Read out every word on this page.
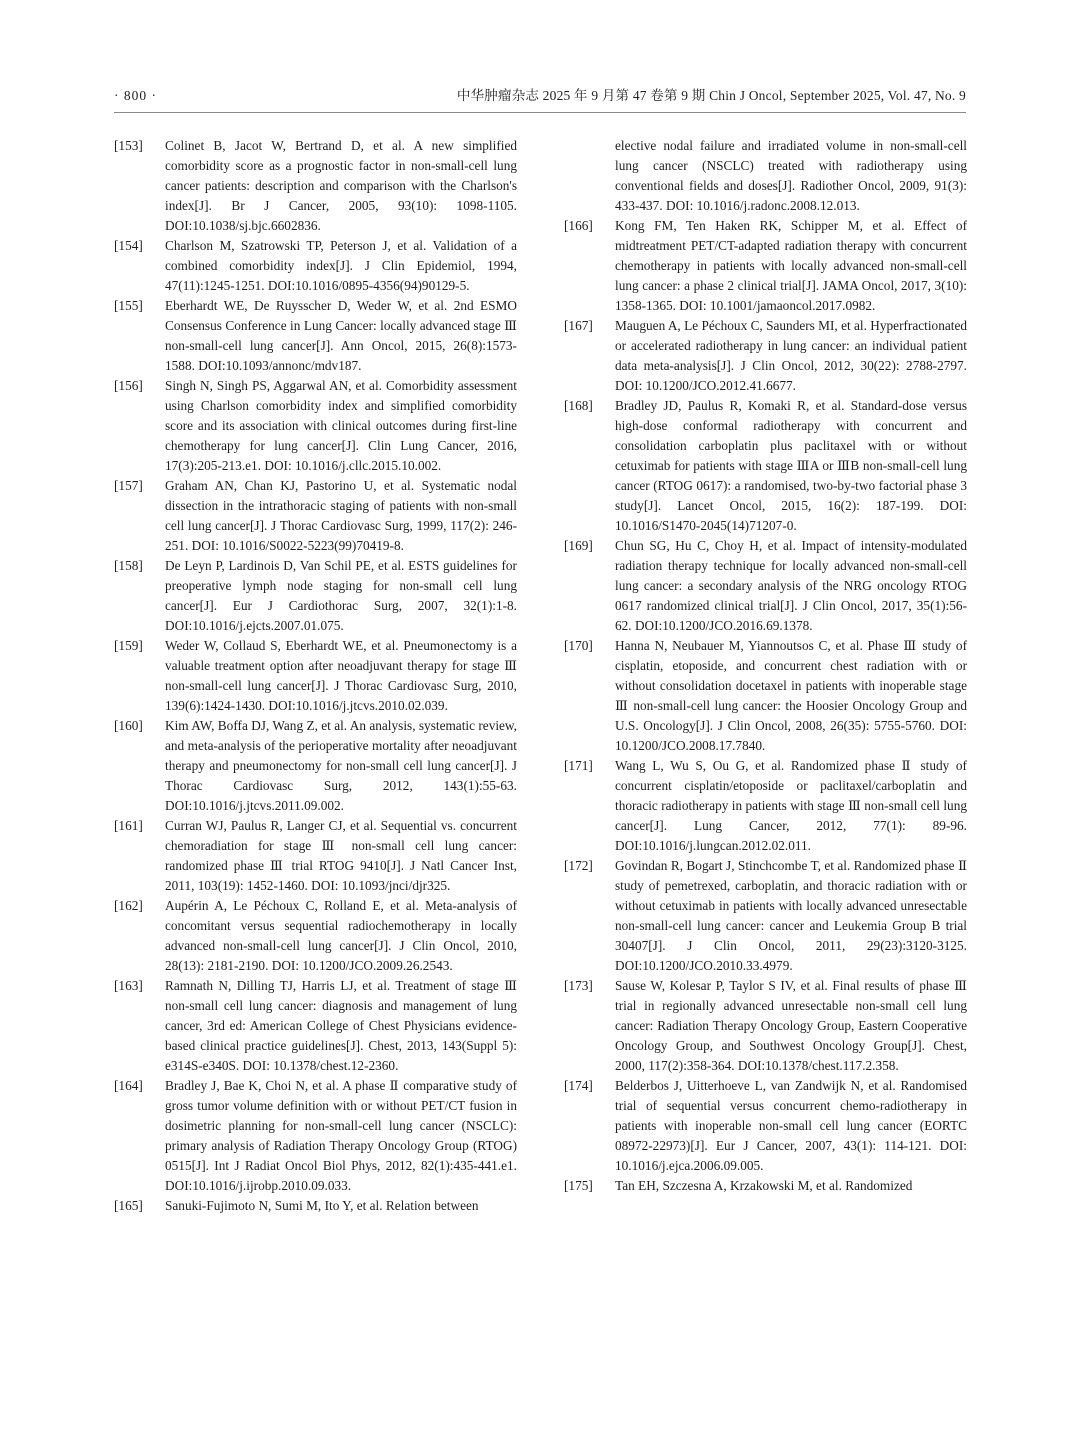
· 800 ·	中华肿瘤杂志 2025 年 9 月第 47 卷第 9 期 Chin J Oncol, September 2025, Vol. 47, No. 9
[153]	Colinet B, Jacot W, Bertrand D, et al. A new simplified comorbidity score as a prognostic factor in non-small-cell lung cancer patients: description and comparison with the Charlson's index[J]. Br J Cancer, 2005, 93(10): 1098-1105. DOI:10.1038/sj.bjc.6602836.
[154]	Charlson M, Szatrowski TP, Peterson J, et al. Validation of a combined comorbidity index[J]. J Clin Epidemiol, 1994, 47(11):1245-1251. DOI:10.1016/0895-4356(94)90129-5.
[155]	Eberhardt WE, De Ruysscher D, Weder W, et al. 2nd ESMO Consensus Conference in Lung Cancer: locally advanced stage Ⅲ non-small-cell lung cancer[J]. Ann Oncol, 2015, 26(8):1573-1588. DOI:10.1093/annonc/mdv187.
[156]	Singh N, Singh PS, Aggarwal AN, et al. Comorbidity assessment using Charlson comorbidity index and simplified comorbidity score and its association with clinical outcomes during first-line chemotherapy for lung cancer[J]. Clin Lung Cancer, 2016, 17(3):205-213.e1. DOI: 10.1016/j.cllc.2015.10.002.
[157]	Graham AN, Chan KJ, Pastorino U, et al. Systematic nodal dissection in the intrathoracic staging of patients with non-small cell lung cancer[J]. J Thorac Cardiovasc Surg, 1999, 117(2): 246-251. DOI: 10.1016/S0022-5223(99)70419-8.
[158]	De Leyn P, Lardinois D, Van Schil PE, et al. ESTS guidelines for preoperative lymph node staging for non-small cell lung cancer[J]. Eur J Cardiothorac Surg, 2007, 32(1):1-8. DOI:10.1016/j.ejcts.2007.01.075.
[159]	Weder W, Collaud S, Eberhardt WE, et al. Pneumonectomy is a valuable treatment option after neoadjuvant therapy for stage Ⅲ non-small-cell lung cancer[J]. J Thorac Cardiovasc Surg, 2010, 139(6):1424-1430. DOI:10.1016/j.jtcvs.2010.02.039.
[160]	Kim AW, Boffa DJ, Wang Z, et al. An analysis, systematic review, and meta-analysis of the perioperative mortality after neoadjuvant therapy and pneumonectomy for non-small cell lung cancer[J]. J Thorac Cardiovasc Surg, 2012, 143(1):55-63. DOI:10.1016/j.jtcvs.2011.09.002.
[161]	Curran WJ, Paulus R, Langer CJ, et al. Sequential vs. concurrent chemoradiation for stage Ⅲ non-small cell lung cancer: randomized phase Ⅲ trial RTOG 9410[J]. J Natl Cancer Inst, 2011, 103(19): 1452-1460. DOI: 10.1093/jnci/djr325.
[162]	Aupérin A, Le Péchoux C, Rolland E, et al. Meta-analysis of concomitant versus sequential radiochemotherapy in locally advanced non-small-cell lung cancer[J]. J Clin Oncol, 2010, 28(13): 2181-2190. DOI: 10.1200/JCO.2009.26.2543.
[163]	Ramnath N, Dilling TJ, Harris LJ, et al. Treatment of stage Ⅲ non-small cell lung cancer: diagnosis and management of lung cancer, 3rd ed: American College of Chest Physicians evidence-based clinical practice guidelines[J]. Chest, 2013, 143(Suppl 5): e314S-e340S. DOI: 10.1378/chest.12-2360.
[164]	Bradley J, Bae K, Choi N, et al. A phase Ⅱ comparative study of gross tumor volume definition with or without PET/CT fusion in dosimetric planning for non-small-cell lung cancer (NSCLC): primary analysis of Radiation Therapy Oncology Group (RTOG) 0515[J]. Int J Radiat Oncol Biol Phys, 2012, 82(1):435-441.e1. DOI:10.1016/j.ijrobp.2010.09.033.
[165]	Sanuki-Fujimoto N, Sumi M, Ito Y, et al. Relation between
elective nodal failure and irradiated volume in non-small-cell lung cancer (NSCLC) treated with radiotherapy using conventional fields and doses[J]. Radiother Oncol, 2009, 91(3): 433-437. DOI: 10.1016/j.radonc.2008.12.013.
[166]	Kong FM, Ten Haken RK, Schipper M, et al. Effect of midtreatment PET/CT-adapted radiation therapy with concurrent chemotherapy in patients with locally advanced non-small-cell lung cancer: a phase 2 clinical trial[J]. JAMA Oncol, 2017, 3(10): 1358-1365. DOI: 10.1001/jamaoncol.2017.0982.
[167]	Mauguen A, Le Péchoux C, Saunders MI, et al. Hyperfractionated or accelerated radiotherapy in lung cancer: an individual patient data meta-analysis[J]. J Clin Oncol, 2012, 30(22): 2788-2797. DOI: 10.1200/JCO.2012.41.6677.
[168]	Bradley JD, Paulus R, Komaki R, et al. Standard-dose versus high-dose conformal radiotherapy with concurrent and consolidation carboplatin plus paclitaxel with or without cetuximab for patients with stage ⅢA or ⅢB non-small-cell lung cancer (RTOG 0617): a randomised, two-by-two factorial phase 3 study[J]. Lancet Oncol, 2015, 16(2): 187-199. DOI: 10.1016/S1470-2045(14)71207-0.
[169]	Chun SG, Hu C, Choy H, et al. Impact of intensity-modulated radiation therapy technique for locally advanced non-small-cell lung cancer: a secondary analysis of the NRG oncology RTOG 0617 randomized clinical trial[J]. J Clin Oncol, 2017, 35(1):56-62. DOI:10.1200/JCO.2016.69.1378.
[170]	Hanna N, Neubauer M, Yiannoutsos C, et al. Phase Ⅲ study of cisplatin, etoposide, and concurrent chest radiation with or without consolidation docetaxel in patients with inoperable stage Ⅲ non-small-cell lung cancer: the Hoosier Oncology Group and U.S. Oncology[J]. J Clin Oncol, 2008, 26(35): 5755-5760. DOI: 10.1200/JCO.2008.17.7840.
[171]	Wang L, Wu S, Ou G, et al. Randomized phase Ⅱ study of concurrent cisplatin/etoposide or paclitaxel/carboplatin and thoracic radiotherapy in patients with stage Ⅲ non-small cell lung cancer[J]. Lung Cancer, 2012, 77(1): 89-96. DOI:10.1016/j.lungcan.2012.02.011.
[172]	Govindan R, Bogart J, Stinchcombe T, et al. Randomized phase Ⅱ study of pemetrexed, carboplatin, and thoracic radiation with or without cetuximab in patients with locally advanced unresectable non-small-cell lung cancer: cancer and Leukemia Group B trial 30407[J]. J Clin Oncol, 2011, 29(23):3120-3125. DOI:10.1200/JCO.2010.33.4979.
[173]	Sause W, Kolesar P, Taylor S IV, et al. Final results of phase Ⅲ trial in regionally advanced unresectable non-small cell lung cancer: Radiation Therapy Oncology Group, Eastern Cooperative Oncology Group, and Southwest Oncology Group[J]. Chest, 2000, 117(2):358-364. DOI:10.1378/chest.117.2.358.
[174]	Belderbos J, Uitterhoeve L, van Zandwijk N, et al. Randomised trial of sequential versus concurrent chemo-radiotherapy in patients with inoperable non-small cell lung cancer (EORTC 08972-22973)[J]. Eur J Cancer, 2007, 43(1): 114-121. DOI: 10.1016/j.ejca.2006.09.005.
[175]	Tan EH, Szczesna A, Krzakowski M, et al. Randomized
